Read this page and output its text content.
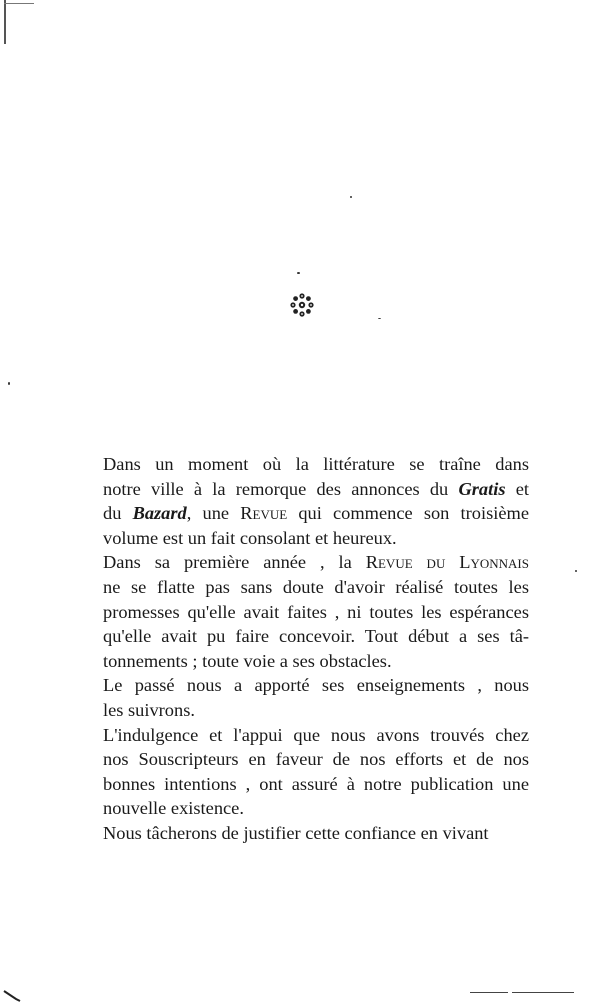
Dans un moment où la littérature se traîne dans
notre ville à la remorque des annonces du Gratis et
du Bazard, une Revue qui commence son troisième
volume est un fait consolant et heureux.

Dans sa première année , la Revue du Lyonnais
ne se flatte pas sans doute d'avoir réalisé toutes les
promesses qu'elle avait faites , ni toutes les espérances
qu'elle avait pu faire concevoir. Tout début a ses tâ-
tonnements ; toute voie a ses obstacles.

Le passé nous a apporté ses enseignements , nous
les suivrons.

L'indulgence et l'appui que nous avons trouvés chez
nos Souscripteurs en faveur de nos efforts et de nos
bonnes intentions , ont assuré à notre publication une
nouvelle existence.

Nous tâcherons de justifier cette confiance en vivant
